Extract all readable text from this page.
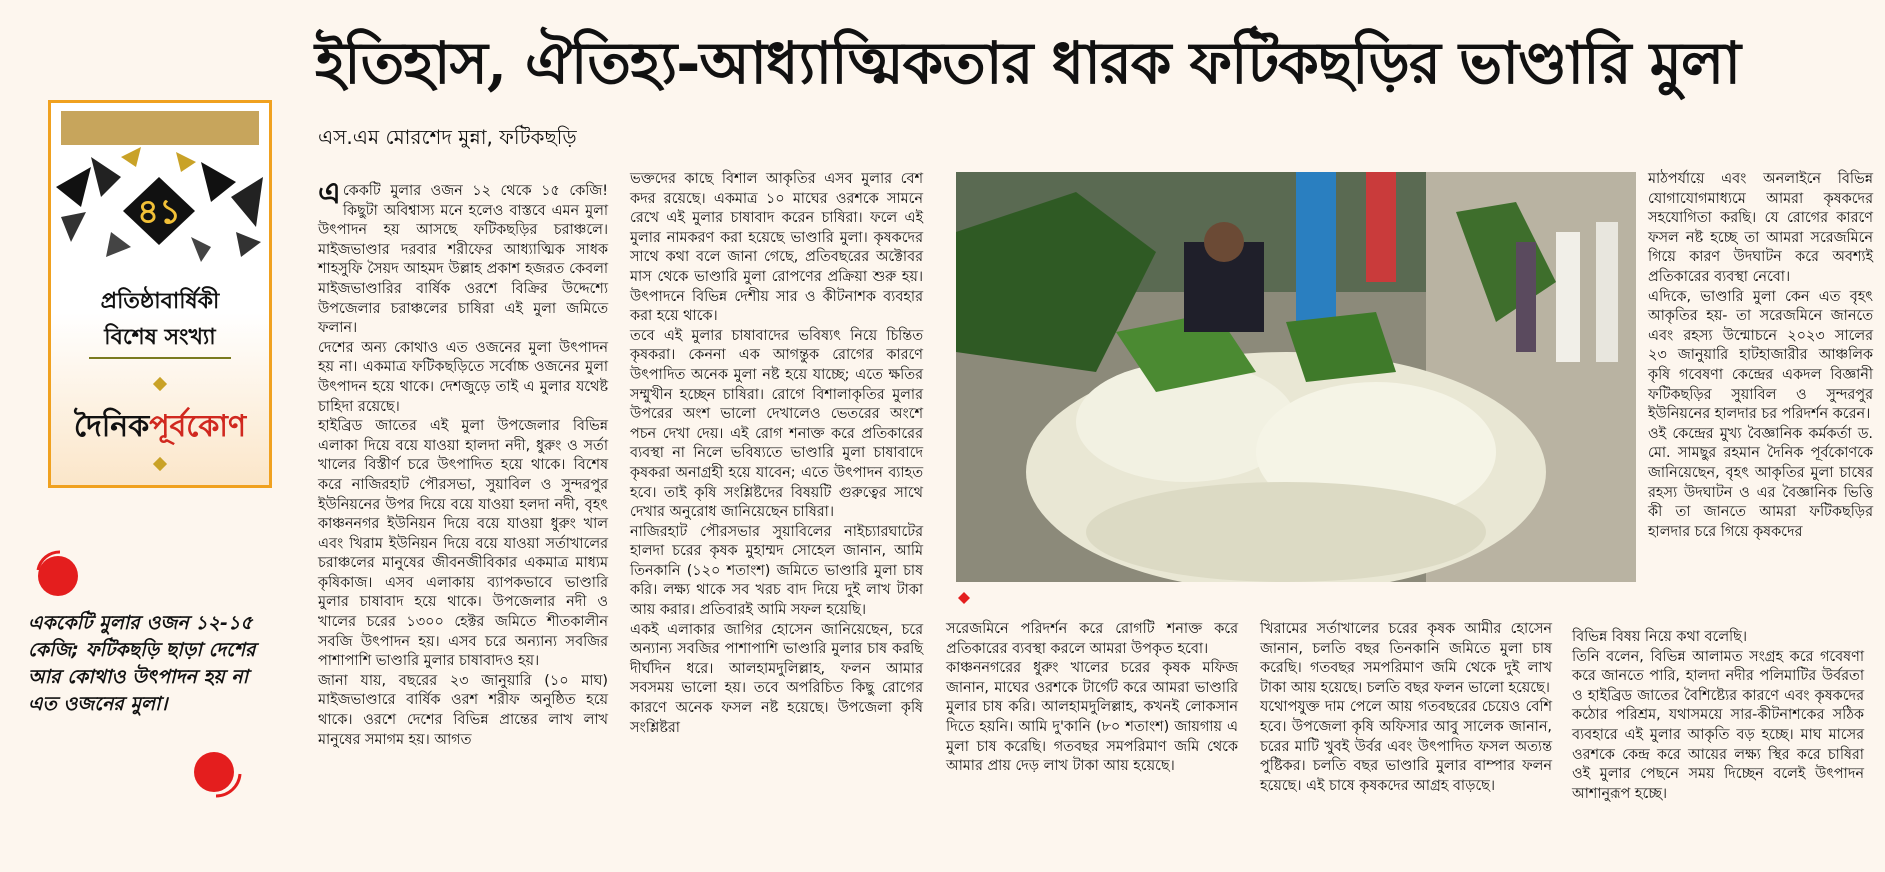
ইতিহাস, ঐতিহ্য-আধ্যাত্মিকতার ধারক ফটিকছড়ির ভাণ্ডারি মুলা
এস.এম মোরশেদ মুন্না, ফটিকছড়ি
৪১
প্রতিষ্ঠাবার্ষিকী
বিশেষ সংখ্যা
দৈনিকপূর্বকোণ
এককেটি মুলার ওজন ১২-১৫ কেজি; ফটিকছড়ি ছাড়া দেশের আর কোথাও উৎপাদন হয় না এত ওজনের মুলা।

একেকটি মুলার ওজন ১২ থেকে ১৫ কেজি! কিছুটা অবিশ্বাস্য মনে হলেও বাস্তবে এমন মুলা উৎপাদন হয় আসছে ফটিকছড়ির চরাঞ্চলে। মাইজভাণ্ডার দরবার শরীফের আধ্যাত্মিক সাধক শাহসুফি সৈয়দ আহমদ উল্লাহ প্রকাশ হজরত কেবলা মাইজভাণ্ডারির বার্ষিক ওরশে বিক্রির উদ্দেশ্যে উপজেলার চরাঞ্চলের চাষিরা এই মুলা জমিতে ফলান।

দেশের অন্য কোথাও এত ওজনের মুলা উৎপাদন হয় না। একমাত্র ফটিকছড়িতে সর্বোচ্চ ওজনের মুলা উৎপাদন হয়ে থাকে। দেশজুড়ে তাই এ মুলার যথেষ্ট চাহিদা রয়েছে।

হাইব্রিড জাতের এই মুলা উপজেলার বিভিন্ন এলাকা দিয়ে বয়ে যাওয়া হালদা নদী, ধুরুং ও সর্তা খালের বিস্তীর্ণ চরে উৎপাদিত হয়ে থাকে। বিশেষ করে নাজিরহাট পৌরসভা, সুয়াবিল ও সুন্দরপুর ইউনিয়নের উপর দিয়ে বয়ে যাওয়া হলদা নদী, বৃহৎ কাঞ্চননগর ইউনিয়ন দিয়ে বয়ে যাওয়া ধুরুং খাল এবং খিরাম ইউনিয়ন দিয়ে বয়ে যাওয়া সর্তাখালের চরাঞ্চলের মানুষের জীবনজীবিকার একমাত্র মাধ্যম কৃষিকাজ। এসব এলাকায় ব্যাপকভাবে ভাণ্ডারি মুলার চাষাবাদ হয়ে থাকে। উপজেলার নদী ও খালের চরের ১৩০০ হেক্টর জমিতে শীতকালীন সবজি উৎপাদন হয়। এসব চরে অন্যান্য সবজির পাশাপাশি ভাণ্ডারি মুলার চাষাবাদও হয়।

জানা যায়, বছরের ২৩ জানুয়ারি (১০ মাঘ) মাইজভাণ্ডারে বার্ষিক ওরশ শরীফ অনুষ্ঠিত হয়ে থাকে। ওরশে দেশের বিভিন্ন প্রান্তের লাখ লাখ মানুষের সমাগম হয়। আগত

ভক্তদের কাছে বিশাল আকৃতির এসব মুলার বেশ কদর রয়েছে। একমাত্র ১০ মাঘের ওরশকে সামনে রেখে এই মুলার চাষাবাদ করেন চাষিরা। ফলে এই মুলার নামকরণ করা হয়েছে ভাণ্ডারি মুলা। কৃষকদের সাথে কথা বলে জানা গেছে, প্রতিবছরের অক্টোবর মাস থেকে ভাণ্ডারি মুলা রোপণের প্রক্রিয়া শুরু হয়। উৎপাদনে বিভিন্ন দেশীয় সার ও কীটনাশক ব্যবহার করা হয়ে থাকে।

তবে এই মুলার চাষাবাদের ভবিষ্যৎ নিয়ে চিন্তিত কৃষকরা। কেননা এক আগন্তুক রোগের কারণে উৎপাদিত অনেক মুলা নষ্ট হয়ে যাচ্ছে; এতে ক্ষতির সম্মুখীন হচ্ছেন চাষিরা। রোগে বিশালাকৃতির মুলার উপরের অংশ ভালো দেখালেও ভেতরের অংশে পচন দেখা দেয়। এই রোগ শনাক্ত করে প্রতিকারের ব্যবস্থা না নিলে ভবিষ্যতে ভাণ্ডারি মুলা চাষাবাদে কৃষকরা অনাগ্রহী হয়ে যাবেন; এতে উৎপাদন ব্যাহত হবে। তাই কৃষি সংশ্লিষ্টদের বিষয়টি গুরুত্বের সাথে দেখার অনুরোধ জানিয়েছেন চাষিরা।

নাজিরহাট পৌরসভার সুয়াবিলের নাইচ্যারঘাটের হালদা চরের কৃষক মুহাম্মদ সোহেল জানান, আমি তিনকানি (১২০ শতাংশ) জমিতে ভাণ্ডারি মুলা চাষ করি। লক্ষ্য থাকে সব খরচ বাদ দিয়ে দুই লাখ টাকা আয় করার। প্রতিবারই আমি সফল হয়েছি।

একই এলাকার জাগির হোসেন জানিয়েছেন, চরে অন্যান্য সবজির পাশাপাশি ভাণ্ডারি মুলার চাষ করছি দীর্ঘদিন ধরে। আলহামদুলিল্লাহ, ফলন আমার সবসময় ভালো হয়। তবে অপরিচিত কিছু রোগের কারণে অনেক ফসল নষ্ট হয়েছে। উপজেলা কৃষি সংশ্লিষ্টরা

সরেজমিনে পরিদর্শন করে রোগটি শনাক্ত করে প্রতিকারের ব্যবস্থা করলে আমরা উপকৃত হবো।

কাঞ্চননগরের ধুরুং খালের চরের কৃষক মফিজ জানান, মাঘের ওরশকে টার্গেট করে আমরা ভাণ্ডারি মুলার চাষ করি। আলহামদুলিল্লাহ, কখনই লোকসান দিতে হয়নি। আমি দু'কানি (৮০ শতাংশ) জায়গায় এ মুলা চাষ করেছি। গতবছর সমপরিমাণ জমি থেকে আমার প্রায় দেড় লাখ টাকা আয় হয়েছে।

খিরামের সর্তাখালের চরের কৃষক আমীর হোসেন জানান, চলতি বছর তিনকানি জমিতে মুলা চাষ করেছি। গতবছর সমপরিমাণ জমি থেকে দুই লাখ টাকা আয় হয়েছে। চলতি বছর ফলন ভালো হয়েছে।

যথোপযুক্ত দাম পেলে আয় গতবছরের চেয়েও বেশি হবে। উপজেলা কৃষি অফিসার আবু সালেক জানান, চরের মাটি খুবই উর্বর এবং উৎপাদিত ফসল অত্যন্ত পুষ্টিকর। চলতি বছর ভাণ্ডারি মুলার বাম্পার ফলন হয়েছে। এই চাষে কৃষকদের আগ্রহ বাড়ছে।

বিভিন্ন বিষয় নিয়ে কথা বলেছি।

তিনি বলেন, বিভিন্ন আলামত সংগ্রহ করে গবেষণা করে জানতে পারি, হালদা নদীর পলিমাটির উর্বরতা ও হাইব্রিড জাতের বৈশিষ্ট্যের কারণে এবং কৃষকদের কঠোর পরিশ্রম, যথাসময়ে সার-কীটনাশকের সঠিক ব্যবহারে এই মুলার আকৃতি বড় হচ্ছে। মাঘ মাসের ওরশকে কেন্দ্র করে আয়ের লক্ষ্য স্থির করে চাষিরা ওই মুলার পেছনে সময় দিচ্ছেন বলেই উৎপাদন আশানুরূপ হচ্ছে।

মাঠপর্যায়ে এবং অনলাইনে বিভিন্ন যোগাযোগমাধ্যমে আমরা কৃষকদের সহযোগিতা করছি। যে রোগের কারণে ফসল নষ্ট হচ্ছে তা আমরা সরেজমিনে গিয়ে কারণ উদঘাটন করে অবশ্যই প্রতিকারের ব্যবস্থা নেবো।

এদিকে, ভাণ্ডারি মুলা কেন এত বৃহৎ আকৃতির হয়- তা সরেজমিনে জানতে এবং রহস্য উন্মোচনে ২০২৩ সালের ২৩ জানুয়ারি হাটহাজারীর আঞ্চলিক কৃষি গবেষণা কেন্দ্রের একদল বিজ্ঞানী ফটিকছড়ির সুয়াবিল ও সুন্দরপুর ইউনিয়নের হালদার চর পরিদর্শন করেন।

ওই কেন্দ্রের মুখ্য বৈজ্ঞানিক কর্মকর্তা ড. মো. সামছুর রহমান দৈনিক পূর্বকোণকে জানিয়েছেন, বৃহৎ আকৃতির মুলা চাষের রহস্য উদঘাটন ও এর বৈজ্ঞানিক ভিত্তি কী তা জানতে আমরা ফটিকছড়ির হালদার চরে গিয়ে কৃষকদের
